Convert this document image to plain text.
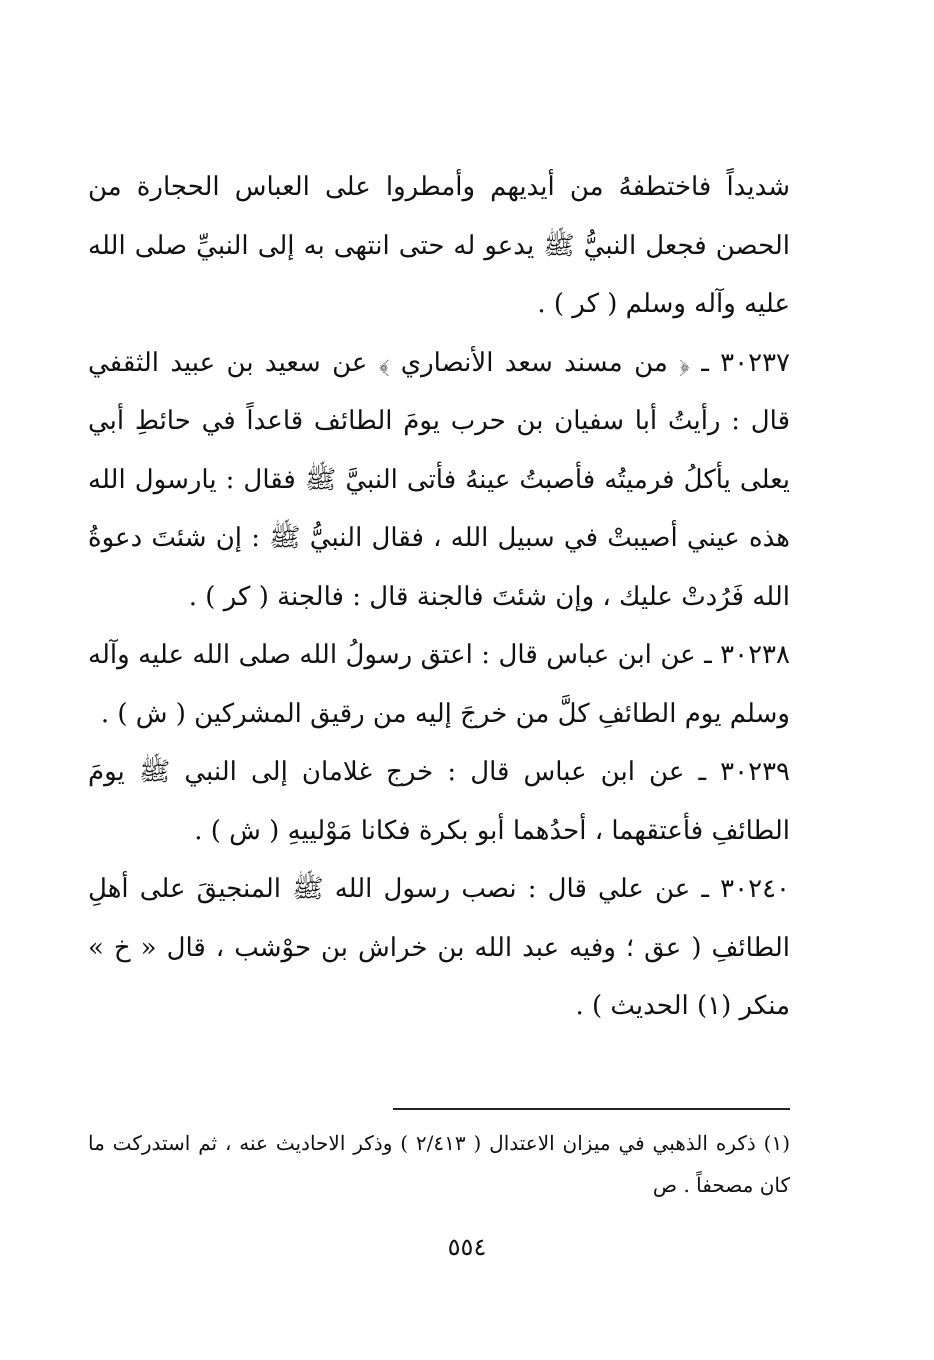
شديداً فاختطفهُ من أيديهم وأمطروا على العباس الحجارة من الحصن فجعل النبيُّ ﷺ يدعو له حتى انتهى به إلى النبيِّ صلى الله عليه وآله وسلم ( كر ) .

٣٠٢٣٧ ـ ﴿ من مسند سعد الأنصاري ﴾ عن سعيد بن عبيد الثقفي قال : رأيتُ أبا سفيان بن حرب يومَ الطائف قاعداً في حائطِ أبي يعلى يأكلُ فرميتُه فأصبتُ عينهُ فأتى النبيَّ ﷺ فقال : يارسول الله هذه عيني أصيبتْ في سبيل الله ، فقال النبيُّ ﷺ : إن شئتَ دعوةُ الله فَرُدتْ عليك ، وإن شئتَ فالجنة قال : فالجنة ( كر ) .

٣٠٢٣٨ ـ عن ابن عباس قال : اعتق رسولُ الله صلى الله عليه وآله وسلم يوم الطائفِ كلَّ من خرجَ إليه من رقيق المشركين ( ش ) .

٣٠٢٣٩ ـ عن ابن عباس قال : خرج غلامان إلى النبي ﷺ يومَ الطائفِ فأعتقهما ، أحدُهما أبو بكرة فكانا مَوْلييهِ ( ش ) .

٣٠٢٤٠ ـ عن علي قال : نصب رسول الله ﷺ المنجيقَ على أهلِ الطائفِ ( عق ؛ وفيه عبد الله بن خراش بن حوْشب ، قال « خ » منكر (١) الحديث ) .

(١) ذكره الذهبي في ميزان الاعتدال ( ٢/٤١٣ ) وذكر الاحاديث عنه ، ثم استدركت ما كان مصحفاً . ص
٥٥٤
